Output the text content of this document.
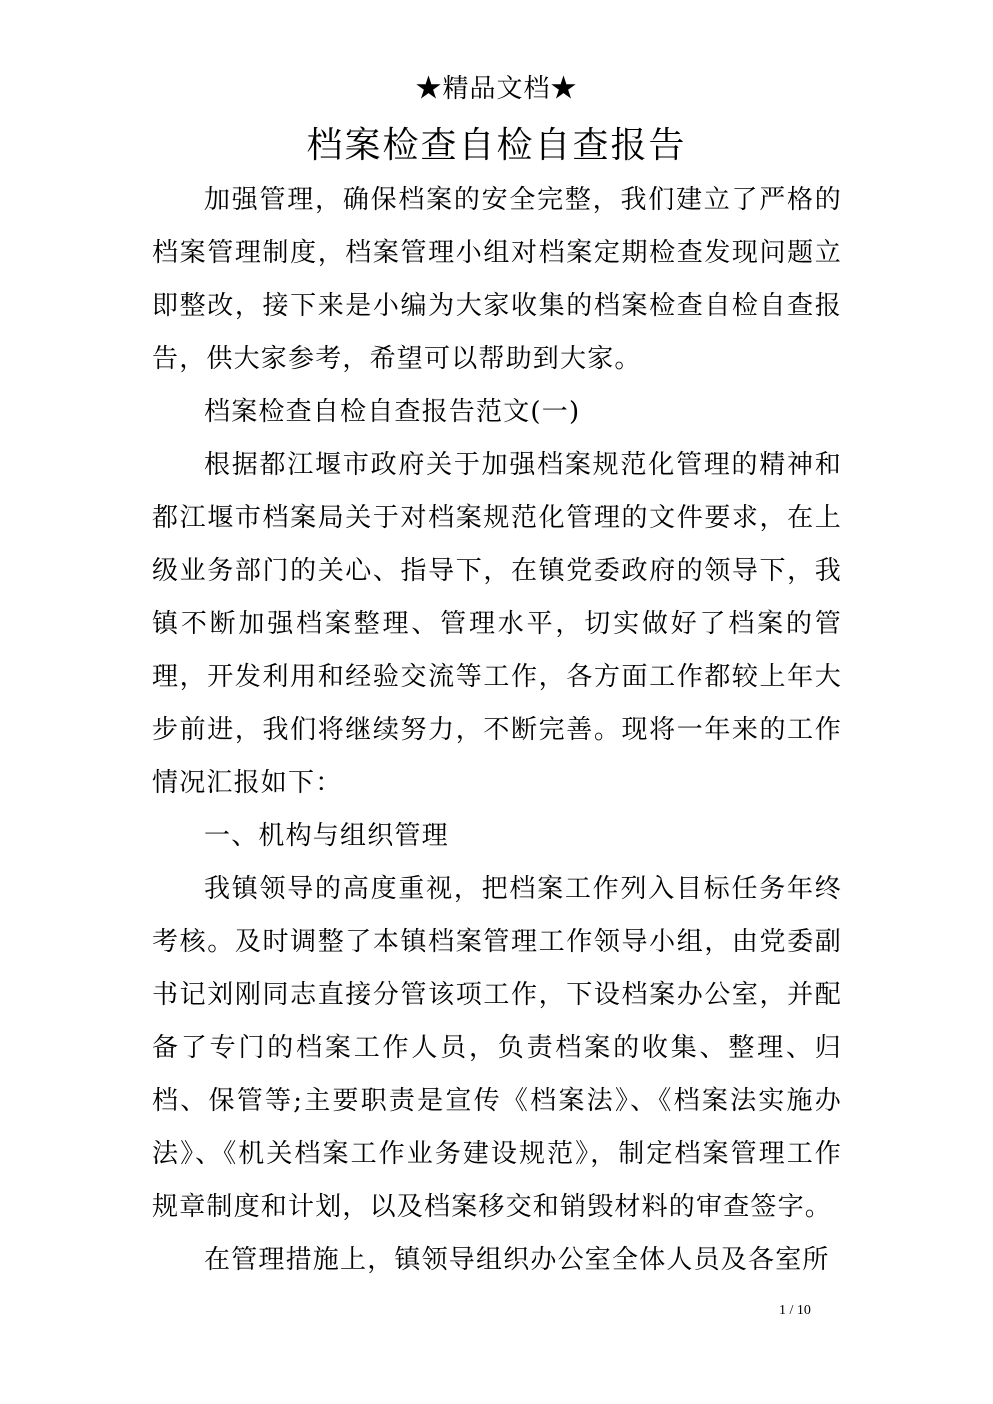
★精品文档★
档案检查自检自查报告

加强管理，确保档案的安全完整，我们建立了严格的档案管理制度，档案管理小组对档案定期检查发现问题立即整改，接下来是小编为大家收集的档案检查自检自查报告，供大家参考，希望可以帮助到大家。

档案检查自检自查报告范文(一)

根据都江堰市政府关于加强档案规范化管理的精神和都江堰市档案局关于对档案规范化管理的文件要求，在上级业务部门的关心、指导下，在镇党委政府的领导下，我镇不断加强档案整理、管理水平，切实做好了档案的管理，开发利用和经验交流等工作，各方面工作都较上年大步前进，我们将继续努力，不断完善。现将一年来的工作情况汇报如下：

一、机构与组织管理

我镇领导的高度重视，把档案工作列入目标任务年终考核。及时调整了本镇档案管理工作领导小组，由党委副书记刘刚同志直接分管该项工作，下设档案办公室，并配备了专门的档案工作人员，负责档案的收集、整理、归档、保管等;主要职责是宣传《档案法》、《档案法实施办法》、《机关档案工作业务建设规范》，制定档案管理工作规章制度和计划，以及档案移交和销毁材料的审查签字。

在管理措施上，镇领导组织办公室全体人员及各室所

1 / 10
